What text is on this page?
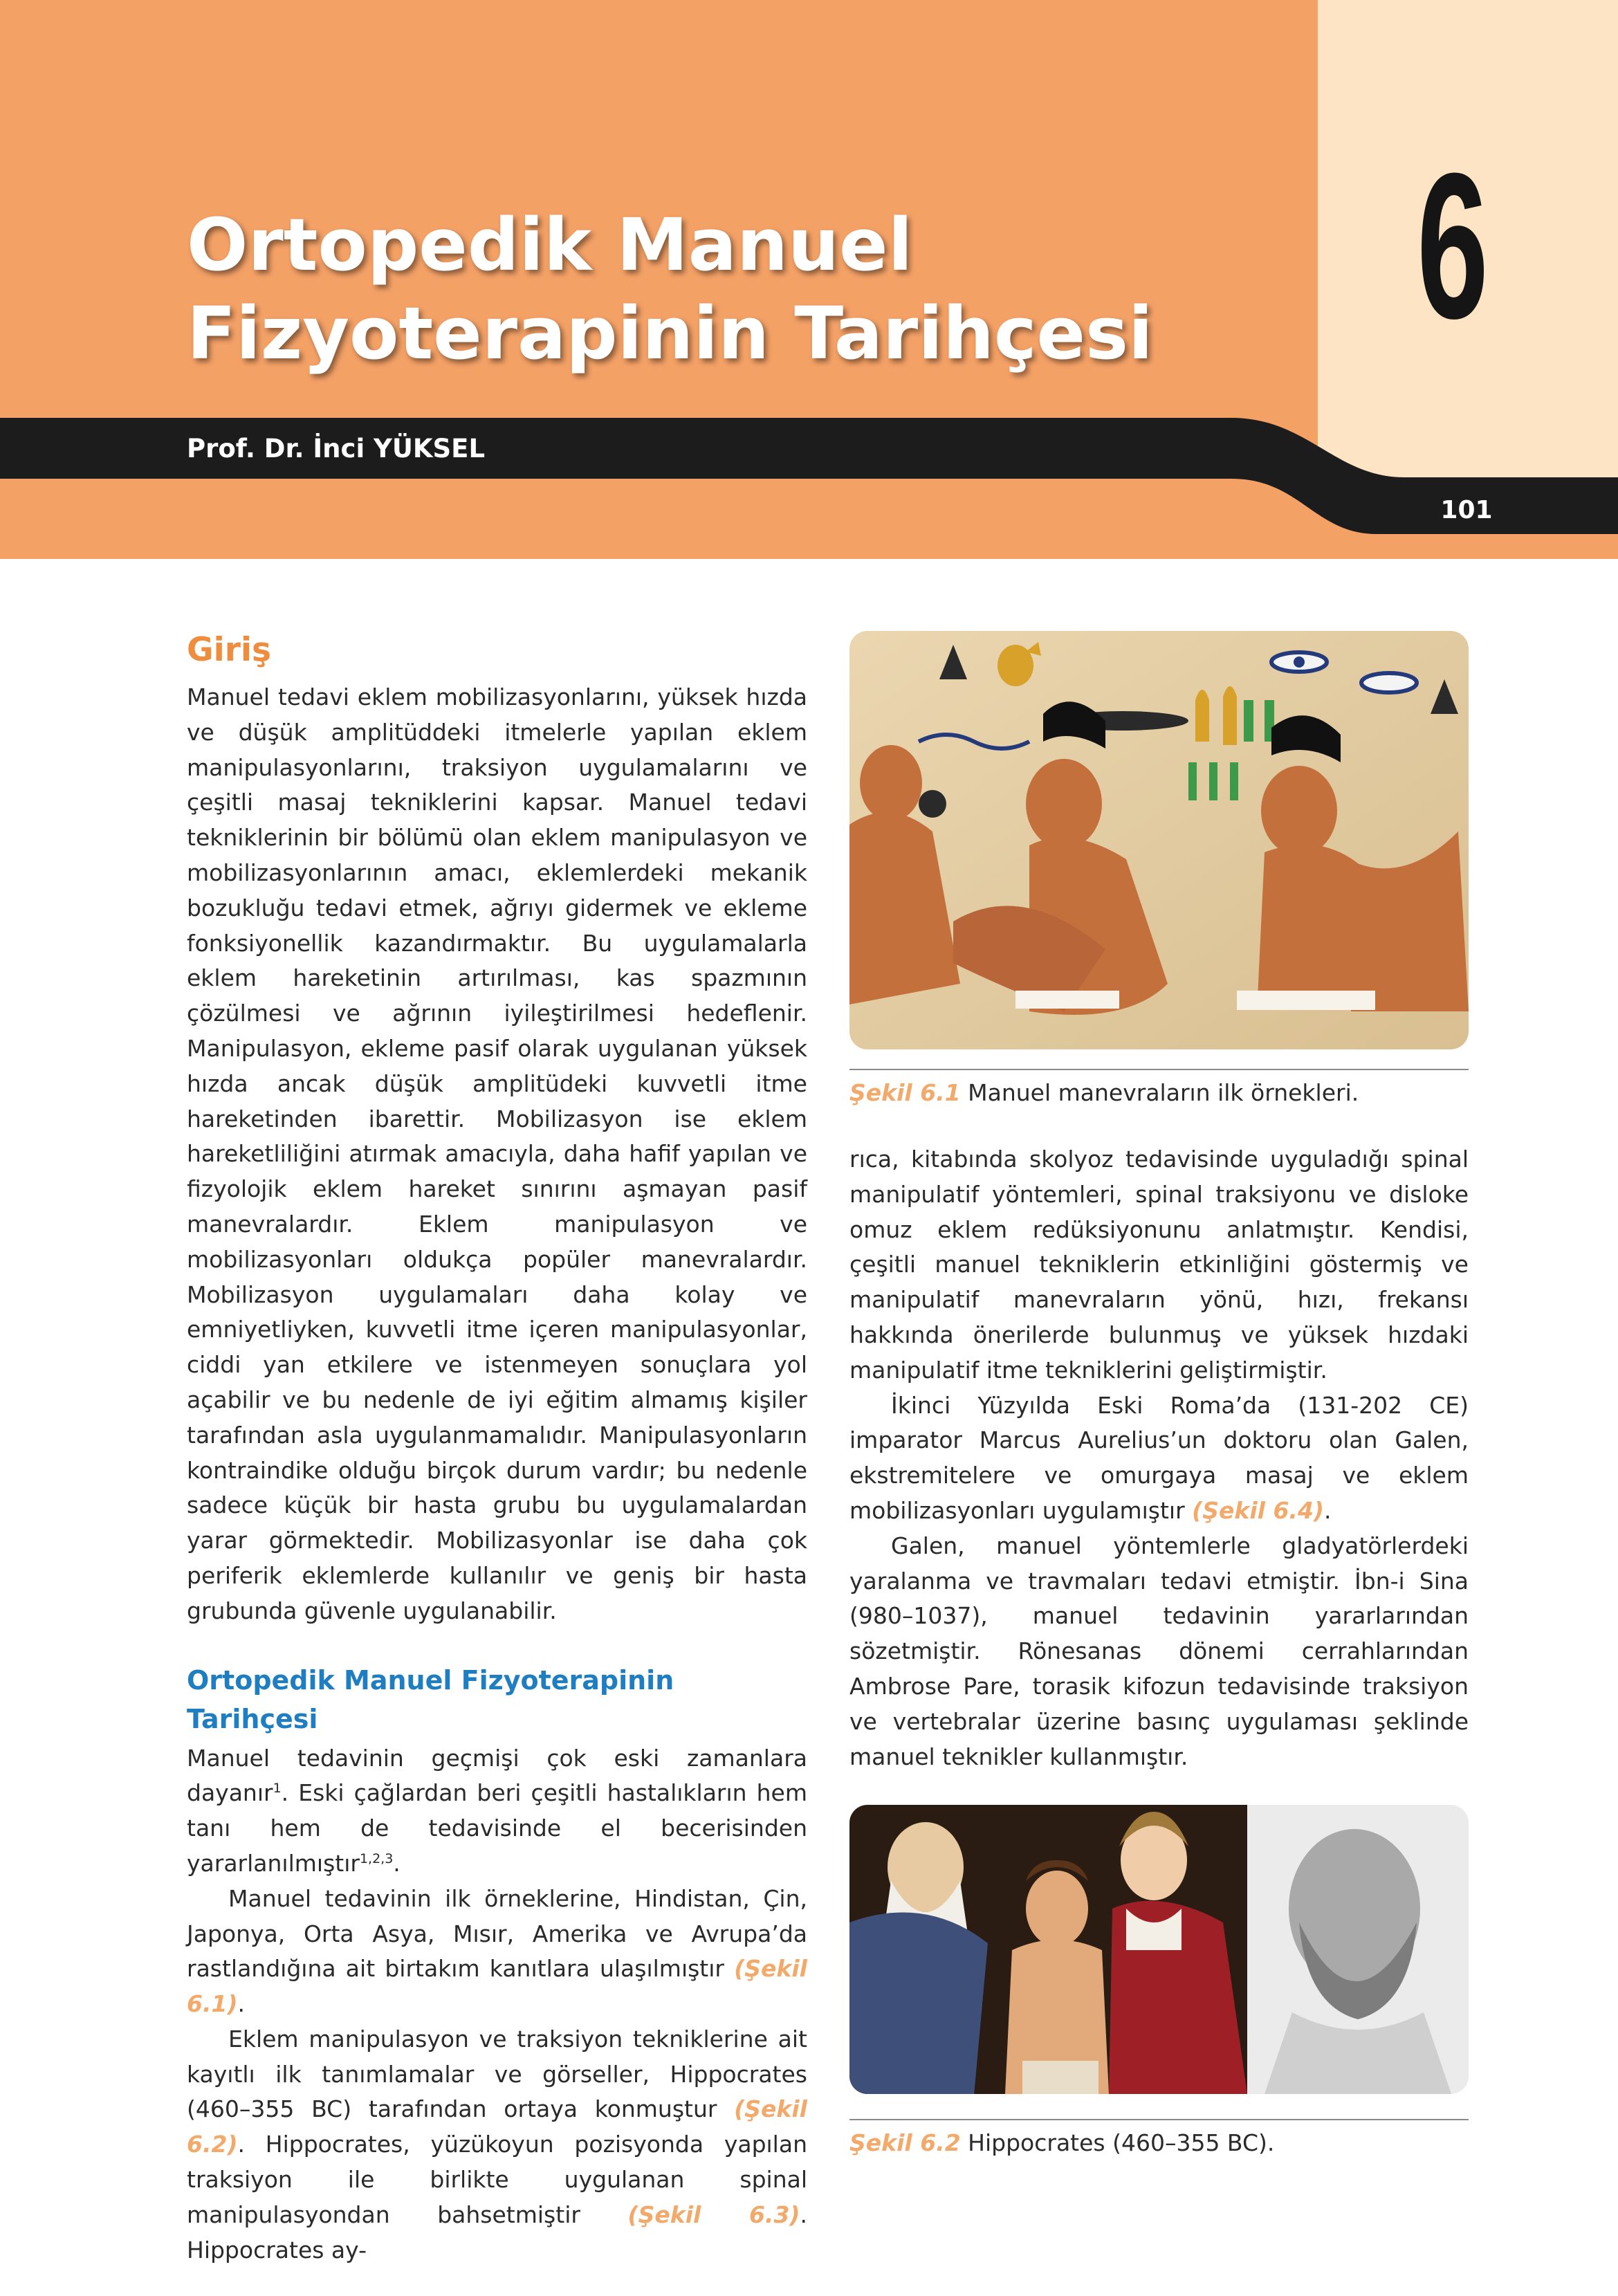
Ortopedik Manuel
Fizyoterapinin Tarihçesi 6
Prof. Dr. İnci YÜKSEL
101
Giriş

Manuel tedavi eklem mobilizasyonlarını, yüksek hızda ve düşük amplitüddeki itmelerle yapılan eklem manipulasyonlarını, traksiyon uygulamalarını ve çeşitli masaj tekniklerini kapsar. Manuel tedavi tekniklerinin bir bölümü olan eklem manipulasyon ve mobilizasyonlarının amacı, eklemlerdeki mekanik bozukluğu tedavi etmek, ağrıyı gidermek ve ekleme fonksiyonellik kazandırmaktır. Bu uygulamalarla eklem hareketinin artırılması, kas spazmının çözülmesi ve ağrının iyileştirilmesi hedeflenir. Manipulasyon, ekleme pasif olarak uygulanan yüksek hızda ancak düşük amplitüdeki kuvvetli itme hareketinden ibarettir. Mobilizasyon ise eklem hareketliliğini atırmak amacıyla, daha hafif yapılan ve fizyolojik eklem hareket sınırını aşmayan pasif manevralardır. Eklem manipulasyon ve mobilizasyonları oldukça popüler manevralardır. Mobilizasyon uygulamaları daha kolay ve emniyetliyken, kuvvetli itme içeren manipulasyonlar, ciddi yan etkilere ve istenmeyen sonuçlara yol açabilir ve bu nedenle de iyi eğitim almamış kişiler tarafından asla uygulanmamalıdır. Manipulasyonların kontraindike olduğu birçok durum vardır; bu nedenle sadece küçük bir hasta grubu bu uygulamalardan yarar görmektedir. Mobilizasyonlar ise daha çok periferik eklemlerde kullanılır ve geniş bir hasta grubunda güvenle uygulanabilir.

Ortopedik Manuel Fizyoterapinin Tarihçesi

Manuel tedavinin geçmişi çok eski zamanlara dayanır$^1$. Eski çağlardan beri çeşitli hastalıkların hem tanı hem de tedavisinde el becerisinden yararlanılmıştır$^{1,2,3}$.

Manuel tedavinin ilk örneklerine, Hindistan, Çin, Japonya, Orta Asya, Mısır, Amerika ve Avrupa’da rastlandığına ait birtakım kanıtlara ulaşılmıştır (Şekil 6.1).

Eklem manipulasyon ve traksiyon tekniklerine ait kayıtlı ilk tanımlamalar ve görseller, Hippocrates (460–355 BC) tarafından ortaya konmuştur (Şekil 6.2). Hippocrates, yüzükoyun pozisyonda yapılan traksiyon ile birlikte uygulanan spinal manipulasyondan bahsetmiştir (Şekil 6.3). Hippocrates ay-

Şekil 6.1 Manuel manevraların ilk örnekleri.

rıca, kitabında skolyoz tedavisinde uyguladığı spinal manipulatif yöntemleri, spinal traksiyonu ve disloke omuz eklem redüksiyonunu anlatmıştır. Kendisi, çeşitli manuel tekniklerin etkinliğini göstermiş ve manipulatif manevraların yönü, hızı, frekansı hakkında önerilerde bulunmuş ve yüksek hızdaki manipulatif itme tekniklerini geliştirmiştir.

İkinci Yüzyılda Eski Roma’da (131-202 CE) imparator Marcus Aurelius’un doktoru olan Galen, ekstremitelere ve omurgaya masaj ve eklem mobilizasyonları uygulamıştır (Şekil 6.4).

Galen, manuel yöntemlerle gladyatörlerdeki yaralanma ve travmaları tedavi etmiştir. İbn-i Sina (980–1037), manuel tedavinin yararlarından sözetmiştir. Rönesanas dönemi cerrahlarından Ambrose Pare, torasik kifozun tedavisinde traksiyon ve vertebralar üzerine basınç uygulaması şeklinde manuel teknikler kullanmıştır.

Şekil 6.2 Hippocrates (460–355 BC).
